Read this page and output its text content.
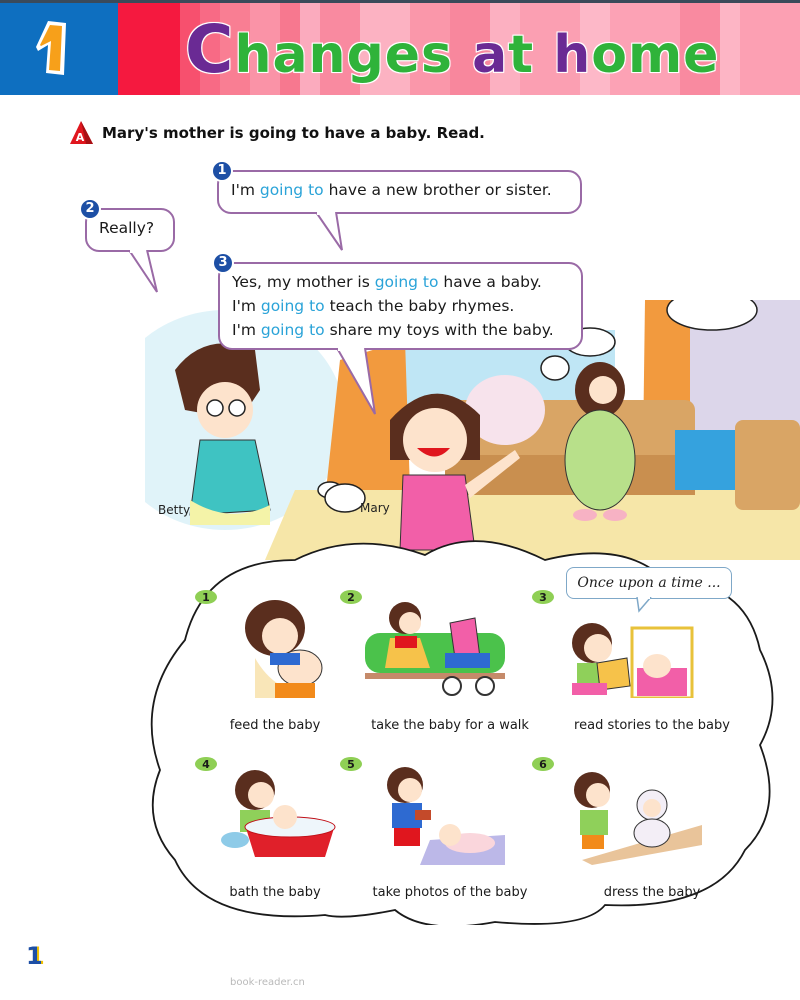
Changes at home
A Mary's mother is going to have a baby. Read.
Betty	Mary
1
I'm going to have a new brother or sister.
2
Really?
3
Yes, my mother is going to have a baby.
I'm going to teach the baby rhymes.
I'm going to share my toys with the baby.
1
feed the baby
2
take the baby for a walk
Once upon a time ...
3
read stories to the baby
4
bath the baby
5
take photos of the baby
6
dress the baby
1
book-reader.cn
